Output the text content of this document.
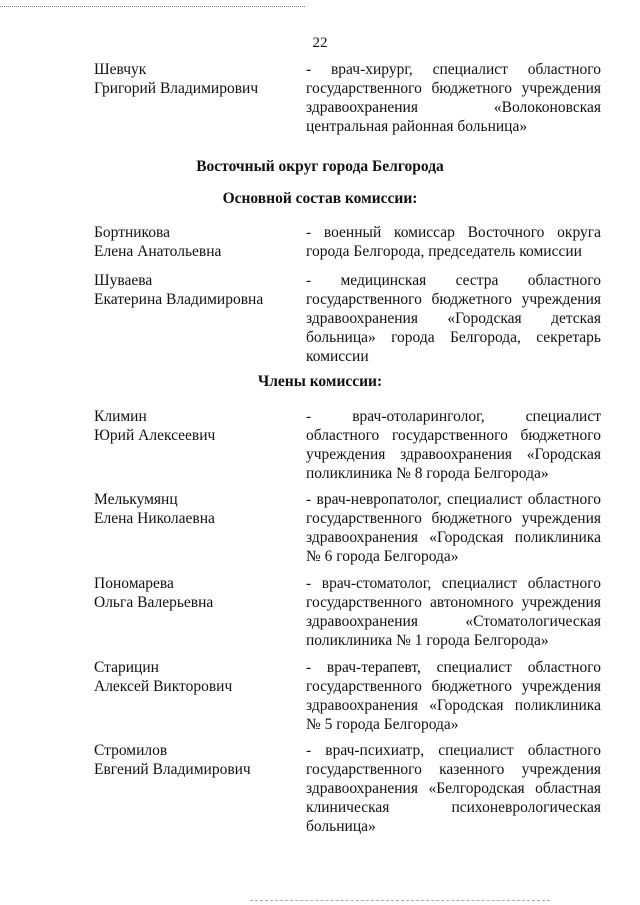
22
Шевчук
Григорий Владимирович
- врач-хирург, специалист областного государственного бюджетного учреждения здравоохранения «Волоконовская центральная районная больница»
Восточный округ города Белгорода
Основной состав комиссии:
Бортникова
Елена Анатольевна
- военный комиссар Восточного округа города Белгорода, председатель комиссии
Шуваева
Екатерина Владимировна
- медицинская сестра областного государственного бюджетного учреждения здравоохранения «Городская детская больница» города Белгорода, секретарь комиссии
Члены комиссии:
Климин
Юрий Алексеевич
- врач-отоларинголог, специалист областного государственного бюджетного учреждения здравоохранения «Городская поликлиника № 8 города Белгорода»
Мелькумянц
Елена Николаевна
- врач-невропатолог, специалист областного государственного бюджетного учреждения здравоохранения «Городская поликлиника № 6 города Белгорода»
Пономарева
Ольга Валерьевна
- врач-стоматолог, специалист областного государственного автономного учреждения здравоохранения «Стоматологическая поликлиника № 1 города Белгорода»
Старицин
Алексей Викторович
- врач-терапевт, специалист областного государственного бюджетного учреждения здравоохранения «Городская поликлиника № 5 города Белгорода»
Стромилов
Евгений Владимирович
- врач-психиатр, специалист областного государственного казенного учреждения здравоохранения «Белгородская областная клиническая психоневрологическая больница»
